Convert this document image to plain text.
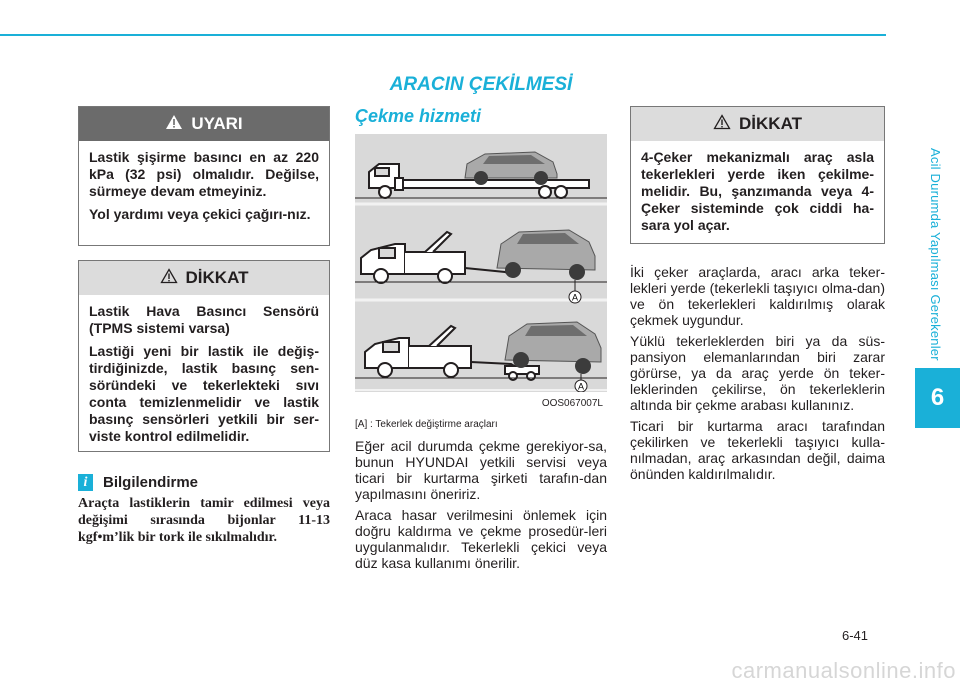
ARACIN ÇEKİLMESİ
Acil Durumda Yapılması Gerekenler
6
UYARI

Lastik şişirme basıncı en az 220 kPa (32 psi) olmalıdır. Değilse, sürmeye devam etmeyiniz.

Yol yardımı veya çekici çağırı-nız.

DİKKAT

Lastik Hava Basıncı Sensörü (TPMS sistemi varsa)

Lastiği yeni bir lastik ile değiş-tirdiğinizde, lastik basınç sen-söründeki ve tekerlekteki sıvı conta temizlenmelidir ve lastik basınç sensörleri yetkili bir ser-viste kontrol edilmelidir.

i	Bilgilendirme

Araçta lastiklerin tamir edilmesi veya değişimi sırasında bijonlar 11-13 kgf•m’lik bir tork ile sıkılmalıdır.

Çekme hizmeti
A
A
OOS067007L
[A] : Tekerlek değiştirme araçları

Eğer acil durumda çekme gerekiyor-sa, bunun HYUNDAI yetkili servisi veya ticari bir kurtarma şirketi tarafın-dan yapılmasını öneririz.

Araca hasar verilmesini önlemek için doğru kaldırma ve çekme prosedür-leri uygulanmalıdır. Tekerlekli çekici veya düz kasa kullanımı önerilir.

DİKKAT

4-Çeker mekanizmalı araç asla tekerlekleri yerde iken çekilme-melidir. Bu, şanzımanda veya 4-Çeker sisteminde çok ciddi ha-sara yol açar.

İki çeker araçlarda, aracı arka teker-lekleri yerde (tekerlekli taşıyıcı olma-dan) ve ön tekerlekleri kaldırılmış olarak çekmek uygundur.

Yüklü tekerleklerden biri ya da süs-pansiyon elemanlarından biri zarar görürse, ya da araç yerde ön teker-leklerinden çekilirse, ön tekerleklerin altında bir çekme arabası kullanınız.

Ticari bir kurtarma aracı tarafından çekilirken ve tekerlekli taşıyıcı kulla-nılmadan, araç arkasından değil, daima önünden kaldırılmalıdır.

6-41
carmanualsonline.info
